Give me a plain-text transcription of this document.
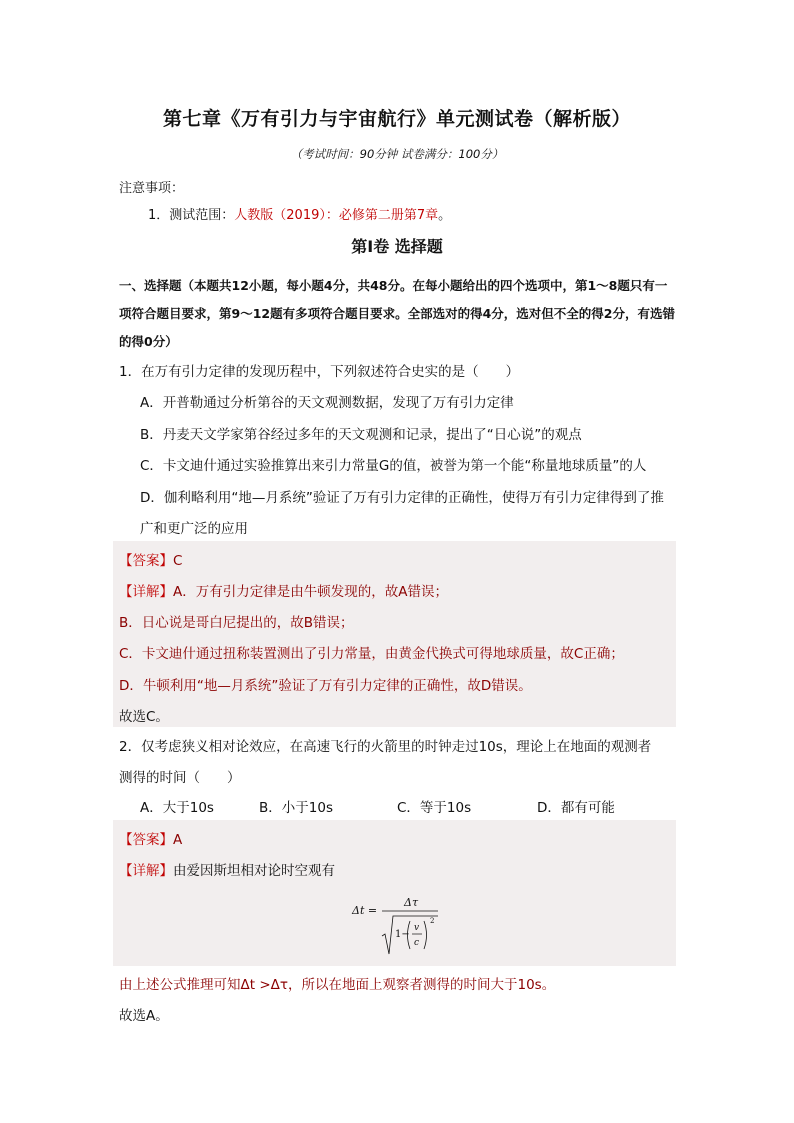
第七章《万有引力与宇宙航行》单元测试卷（解析版）
（考试时间：90分钟 试卷满分：100分）
注意事项：
1．测试范围：人教版（2019）：必修第二册第7章。
第Ⅰ卷 选择题
一、选择题（本题共12小题，每小题4分，共48分。在每小题给出的四个选项中，第1～8题只有一项符合题目要求，第9～12题有多项符合题目要求。全部选对的得4分，选对但不全的得2分，有选错的得0分）
1．在万有引力定律的发现历程中，下列叙述符合史实的是（　　）
A．开普勒通过分析第谷的天文观测数据，发现了万有引力定律
B．丹麦天文学家第谷经过多年的天文观测和记录，提出了“日心说”的观点
C．卡文迪什通过实验推算出来引力常量G的值，被誉为第一个能“称量地球质量”的人
D．伽利略利用“地—月系统”验证了万有引力定律的正确性，使得万有引力定律得到了推
广和更广泛的应用
【答案】C
【详解】A．万有引力定律是由牛顿发现的，故A错误；
B．日心说是哥白尼提出的，故B错误；
C．卡文迪什通过扭称装置测出了引力常量，由黄金代换式可得地球质量，故C正确；
D．牛顿利用“地—月系统”验证了万有引力定律的正确性，故D错误。
故选C。
2．仅考虑狭义相对论效应，在高速飞行的火箭里的时钟走过10s，理论上在地面的观测者
测得的时间（　　）
A．大于10s	B．小于10s	C．等于10s	D．都有可能
【答案】A
【详解】由爱因斯坦相对论时空观有
Δt =
Δτ
1−
v
c
2
由上述公式推理可知Δt >Δτ，所以在地面上观察者测得的时间大于10s。
故选A。
